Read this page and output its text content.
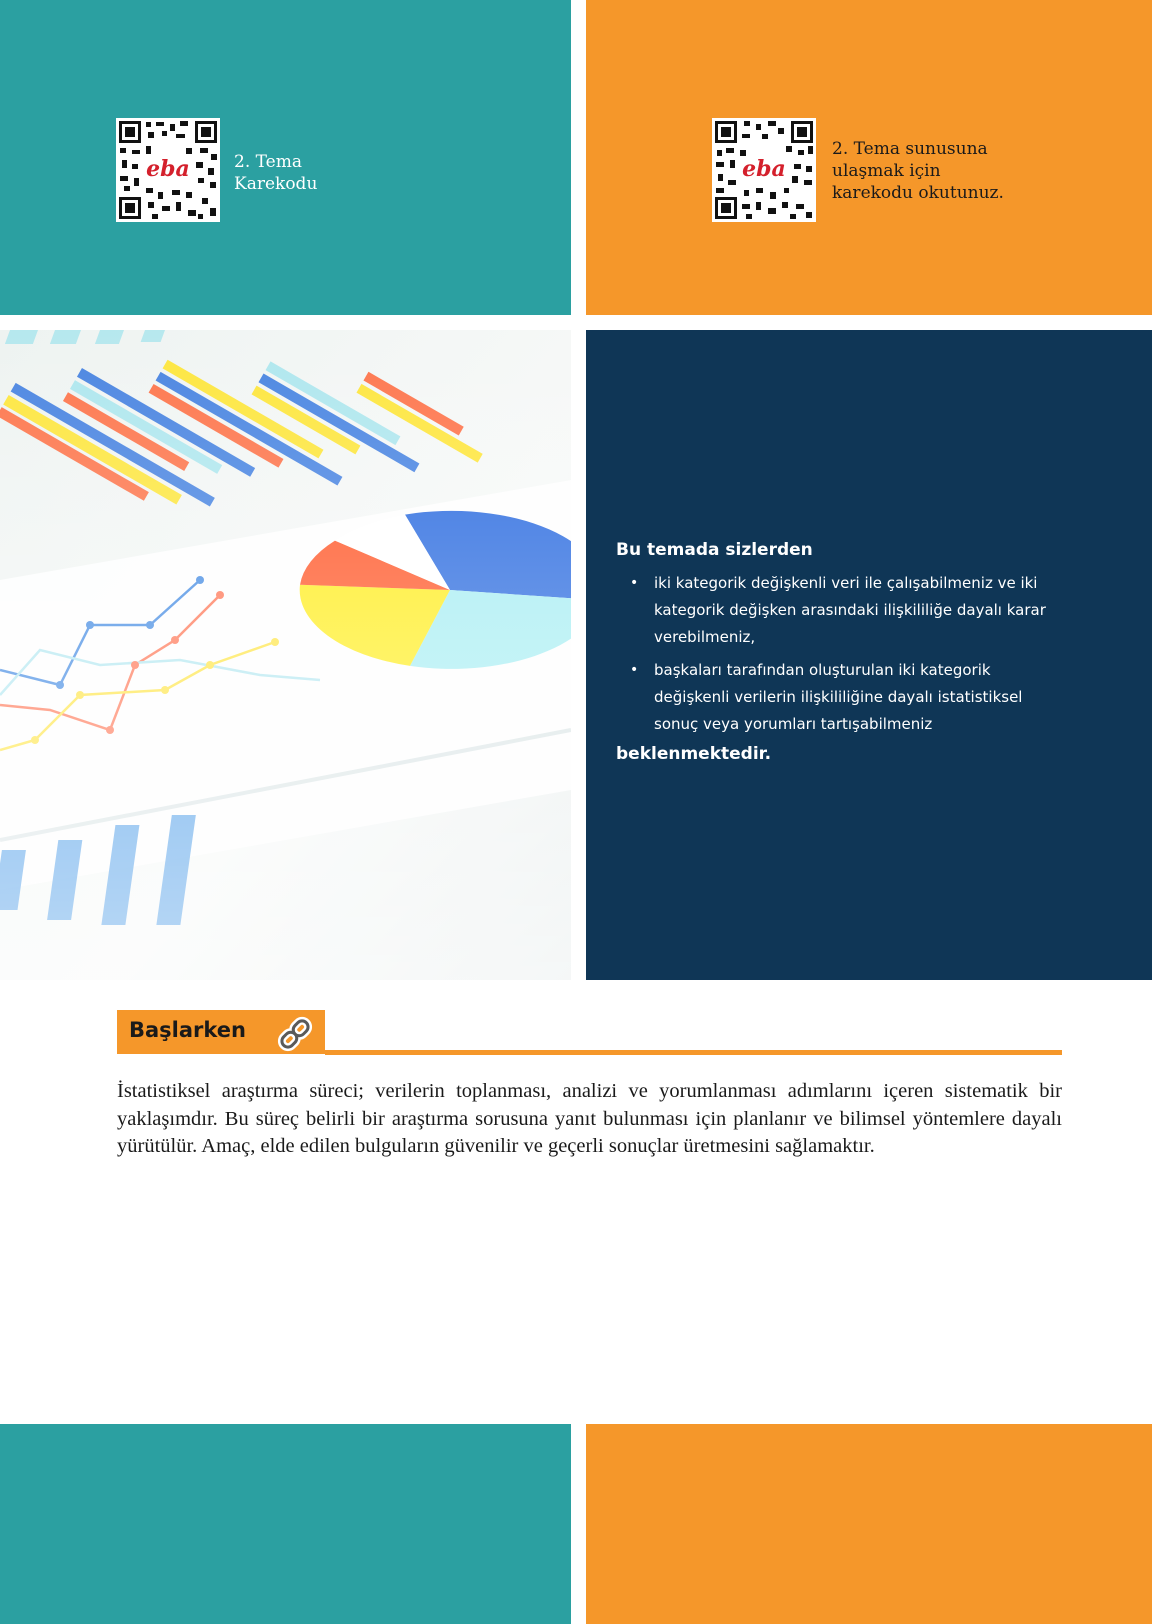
eba	2. Tema
Karekodu
eba
2. Tema sunusuna
ulaşmak için
karekodu okutunuz.
Bu temada sizlerden
• iki kategorik değişkenli veri ile çalışabilmeniz ve iki kategorik değişken arasındaki ilişkililiğe dayalı karar verebilmeniz,
• başkaları tarafından oluşturulan iki kategorik değişkenli verilerin ilişkililiğine dayalı istatistiksel sonuç veya yorumları tartışabilmeniz
beklenmektedir.
Başlarken
İstatistiksel araştırma süreci; verilerin toplanması, analizi ve yorumlanması adımlarını içeren sistematik bir yaklaşımdır. Bu süreç belirli bir araştırma sorusuna yanıt bulunması için planlanır ve bilimsel yöntemlere dayalı yürütülür. Amaç, elde edilen bulguların güvenilir ve geçerli sonuçlar üretmesini sağlamaktır.
